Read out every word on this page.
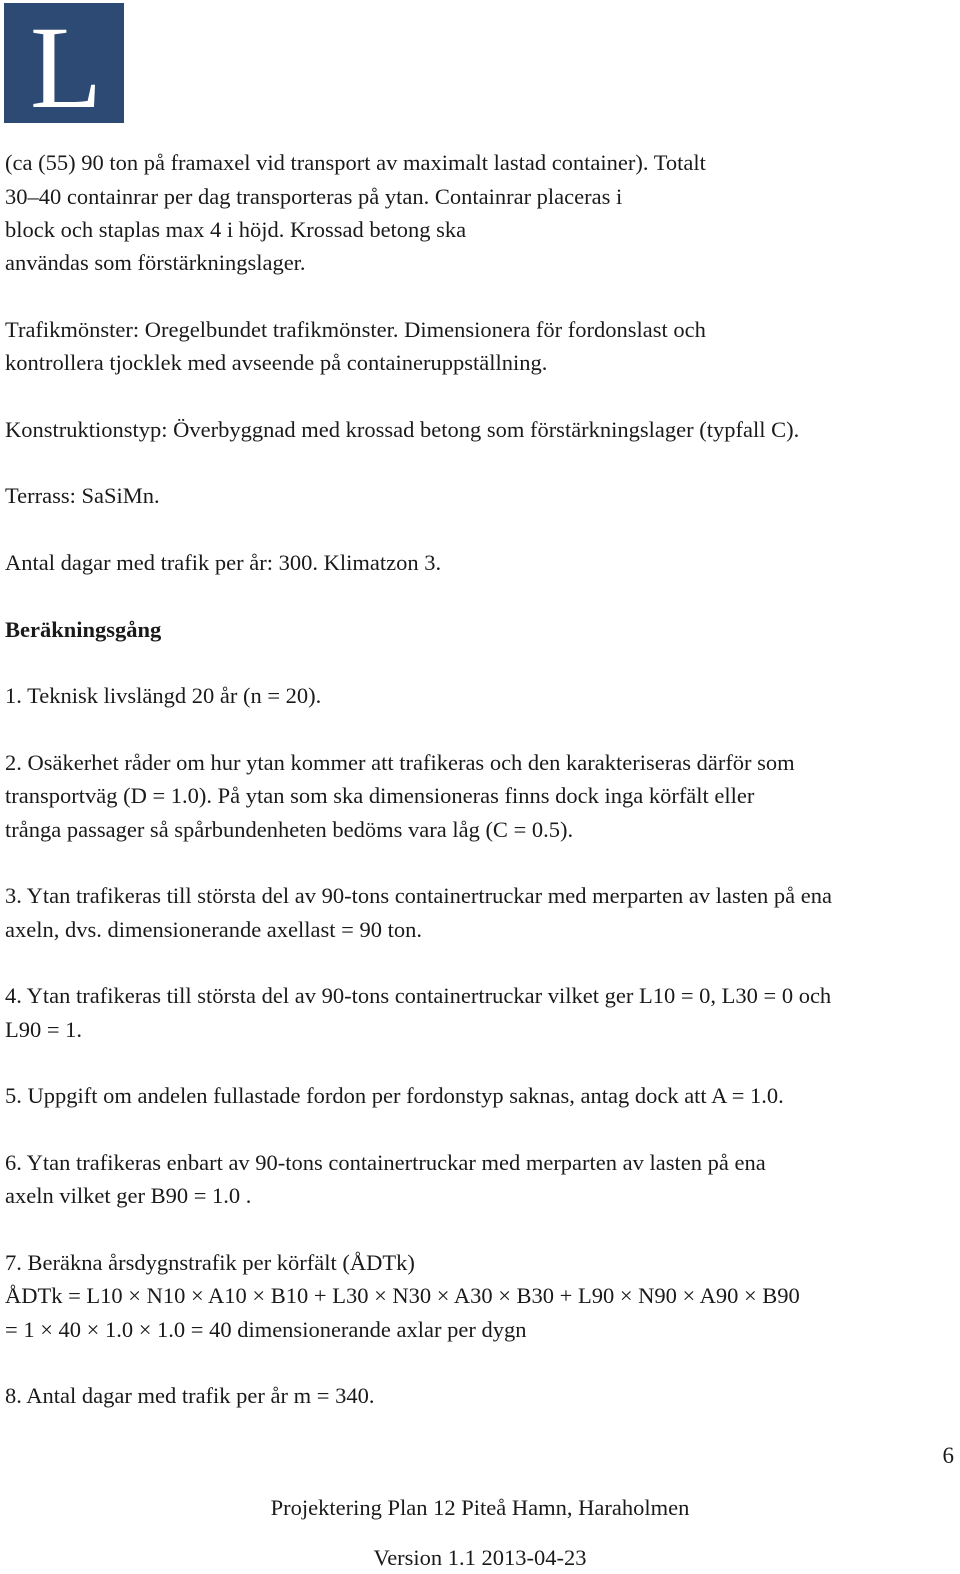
L
(ca (55) 90 ton på framaxel vid transport av maximalt lastad container). Totalt
30–40 containrar per dag transporteras på ytan. Containrar placeras i
block och staplas max 4 i höjd. Krossad betong ska
användas som förstärkningslager.
Trafikmönster: Oregelbundet trafikmönster. Dimensionera för fordonslast och
kontrollera tjocklek med avseende på containeruppställning.
Konstruktionstyp: Överbyggnad med krossad betong som förstärkningslager (typfall C).
Terrass: SaSiMn.
Antal dagar med trafik per år: 300. Klimatzon 3.
Beräkningsgång
1. Teknisk livslängd 20 år (n = 20).
2. Osäkerhet råder om hur ytan kommer att trafikeras och den karakteriseras därför som
transportväg (D = 1.0). På ytan som ska dimensioneras finns dock inga körfält eller
trånga passager så spårbundenheten bedöms vara låg (C = 0.5).
3. Ytan trafikeras till största del av 90-tons containertruckar med merparten av lasten på ena
axeln, dvs. dimensionerande axellast = 90 ton.
4. Ytan trafikeras till största del av 90-tons containertruckar vilket ger L10 = 0, L30 = 0 och
L90 = 1.
5. Uppgift om andelen fullastade fordon per fordonstyp saknas, antag dock att A = 1.0.
6. Ytan trafikeras enbart av 90-tons containertruckar med merparten av lasten på ena
axeln vilket ger B90 = 1.0 .
7. Beräkna årsdygnstrafik per körfält (ÅDTk)
ÅDTk = L10 × N10 × A10 × B10 + L30 × N30 × A30 × B30 + L90 × N90 × A90 × B90
= 1 × 40 × 1.0 × 1.0 = 40 dimensionerande axlar per dygn
8. Antal dagar med trafik per år m = 340.
6
Projektering Plan 12 Piteå Hamn, Haraholmen
Version 1.1 2013-04-23
